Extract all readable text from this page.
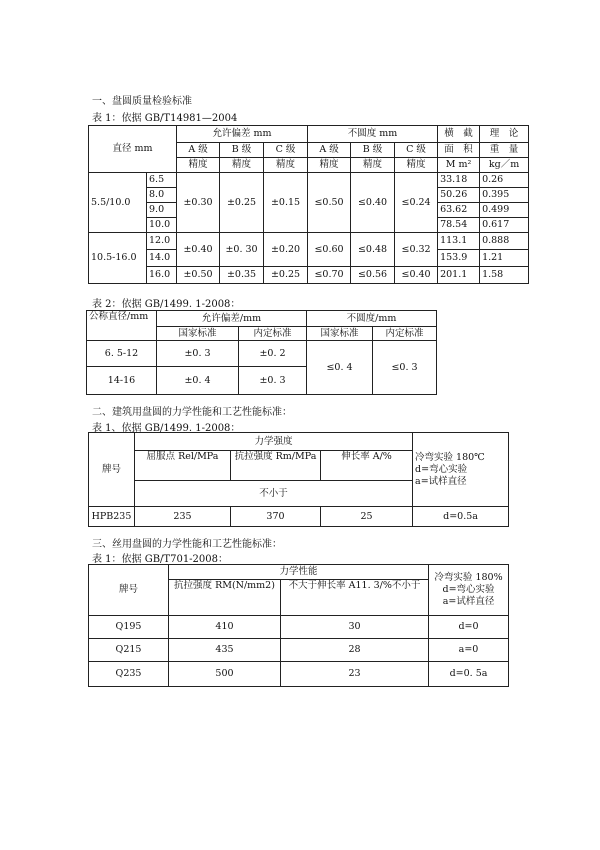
一、盘圆质量检验标准
表 1：依据 GB/T14981—2004
直径 mm		允许偏差 mm			不圆度 mm			横　截	理　论
		A 级	B 级	C 级	A 级	B 级	C 级	面　积	重　量
		精度	精度	精度	精度	精度	精度	M m²	kg／m
5.5/10.0	6.5	±0.30	±0.25	±0.15	≤0.50	≤0.40	≤0.24	33.18	0.26
	8.0							50.26	0.395
	9.0							63.62	0.499
	10.0							78.54	0.617
10.5-16.0	12.0	±0.40	±0. 30	±0.20	≤0.60	≤0.48	≤0.32	113.1	0.888
	14.0							153.9	1.21
	16.0	±0.50	±0.35	±0.25	≤0.70	≤0.56	≤0.40	201.1	1.58
表 2：依据 GB/1499. 1-2008：
公称直径/mm	允许偏差/mm		不圆度/mm	
	国家标准	内定标准	国家标准	内定标准
6. 5-12	±0. 3	±0. 2	≤0. 4	≤0. 3
14-16	±0. 4	±0. 3		
二、建筑用盘圆的力学性能和工艺性能标准：
表 1、依据 GB/1499. 1-2008：
牌号	力学强度			冷弯实验 180℃
d=弯心实验
a=试样直径

	屈服点 Rel/MPa	抗拉强度 Rm/MPa	伸长率 A/%	
	不小于			
HPB235	235	370	25	d=0.5a
三、丝用盘圆的力学性能和工艺性能标准：
表 1：依据 GB/T701-2008：
牌号	力学性能		冷弯实验 180%
d=弯心实验
a=试样直径

	抗拉强度 RM(N/mm2)	不大于伸长率 A11. 3/%不小于	
Q195	410	30	d=0
Q215	435	28	a=0
Q235	500	23	d=0. 5a
